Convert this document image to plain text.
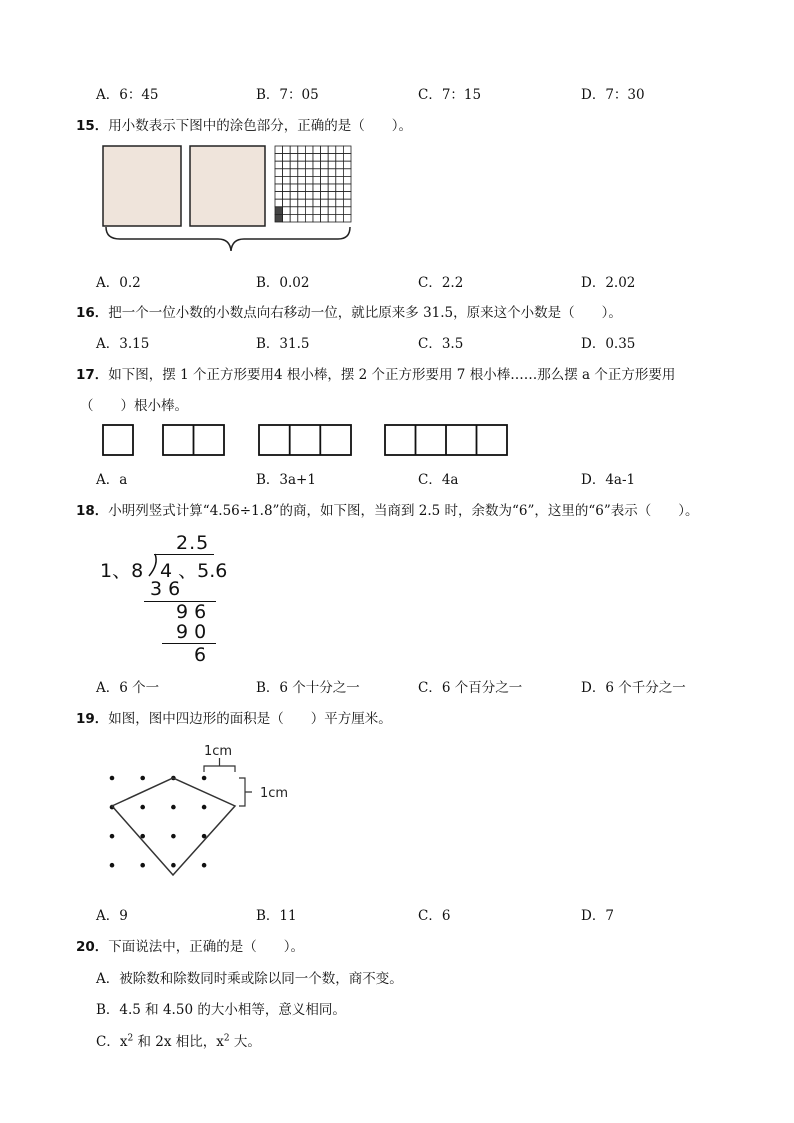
A．6：45	B．7：05	C．7：15	D．7：30
15．用小数表示下图中的涂色部分，正确的是（　　）。
A．0.2	B．0.02	C．2.2	D．2.02
16．把一个一位小数的小数点向右移动一位，就比原来多 31.5，原来这个小数是（　　）。
A．3.15	B．31.5	C．3.5	D．0.35
17．如下图，摆 1 个正方形要用4 根小棒，摆 2 个正方形要用 7 根小棒……那么摆 a 个正方形要用
（　　）根小棒。
A．a	B．3a+1	C．4a	D．4a-1
18．小明列竖式计算“4.56÷1.8”的商，如下图，当商到 2.5 时，余数为“6”，这里的“6”表示（　　）。
2.5
1、8 4 、5.6
3 6
9 6
9 0
6
A．6 个一	B．6 个十分之一	C．6 个百分之一	D．6 个千分之一
19．如图，图中四边形的面积是（　　）平方厘米。
1cm
1cm
A．9	B．11	C．6	D．7
20．下面说法中，正确的是（　　）。
A．被除数和除数同时乘或除以同一个数，商不变。
B．4.5 和 4.50 的大小相等，意义相同。
C．$x^2$ 和 2x 相比，$x^2$ 大。
